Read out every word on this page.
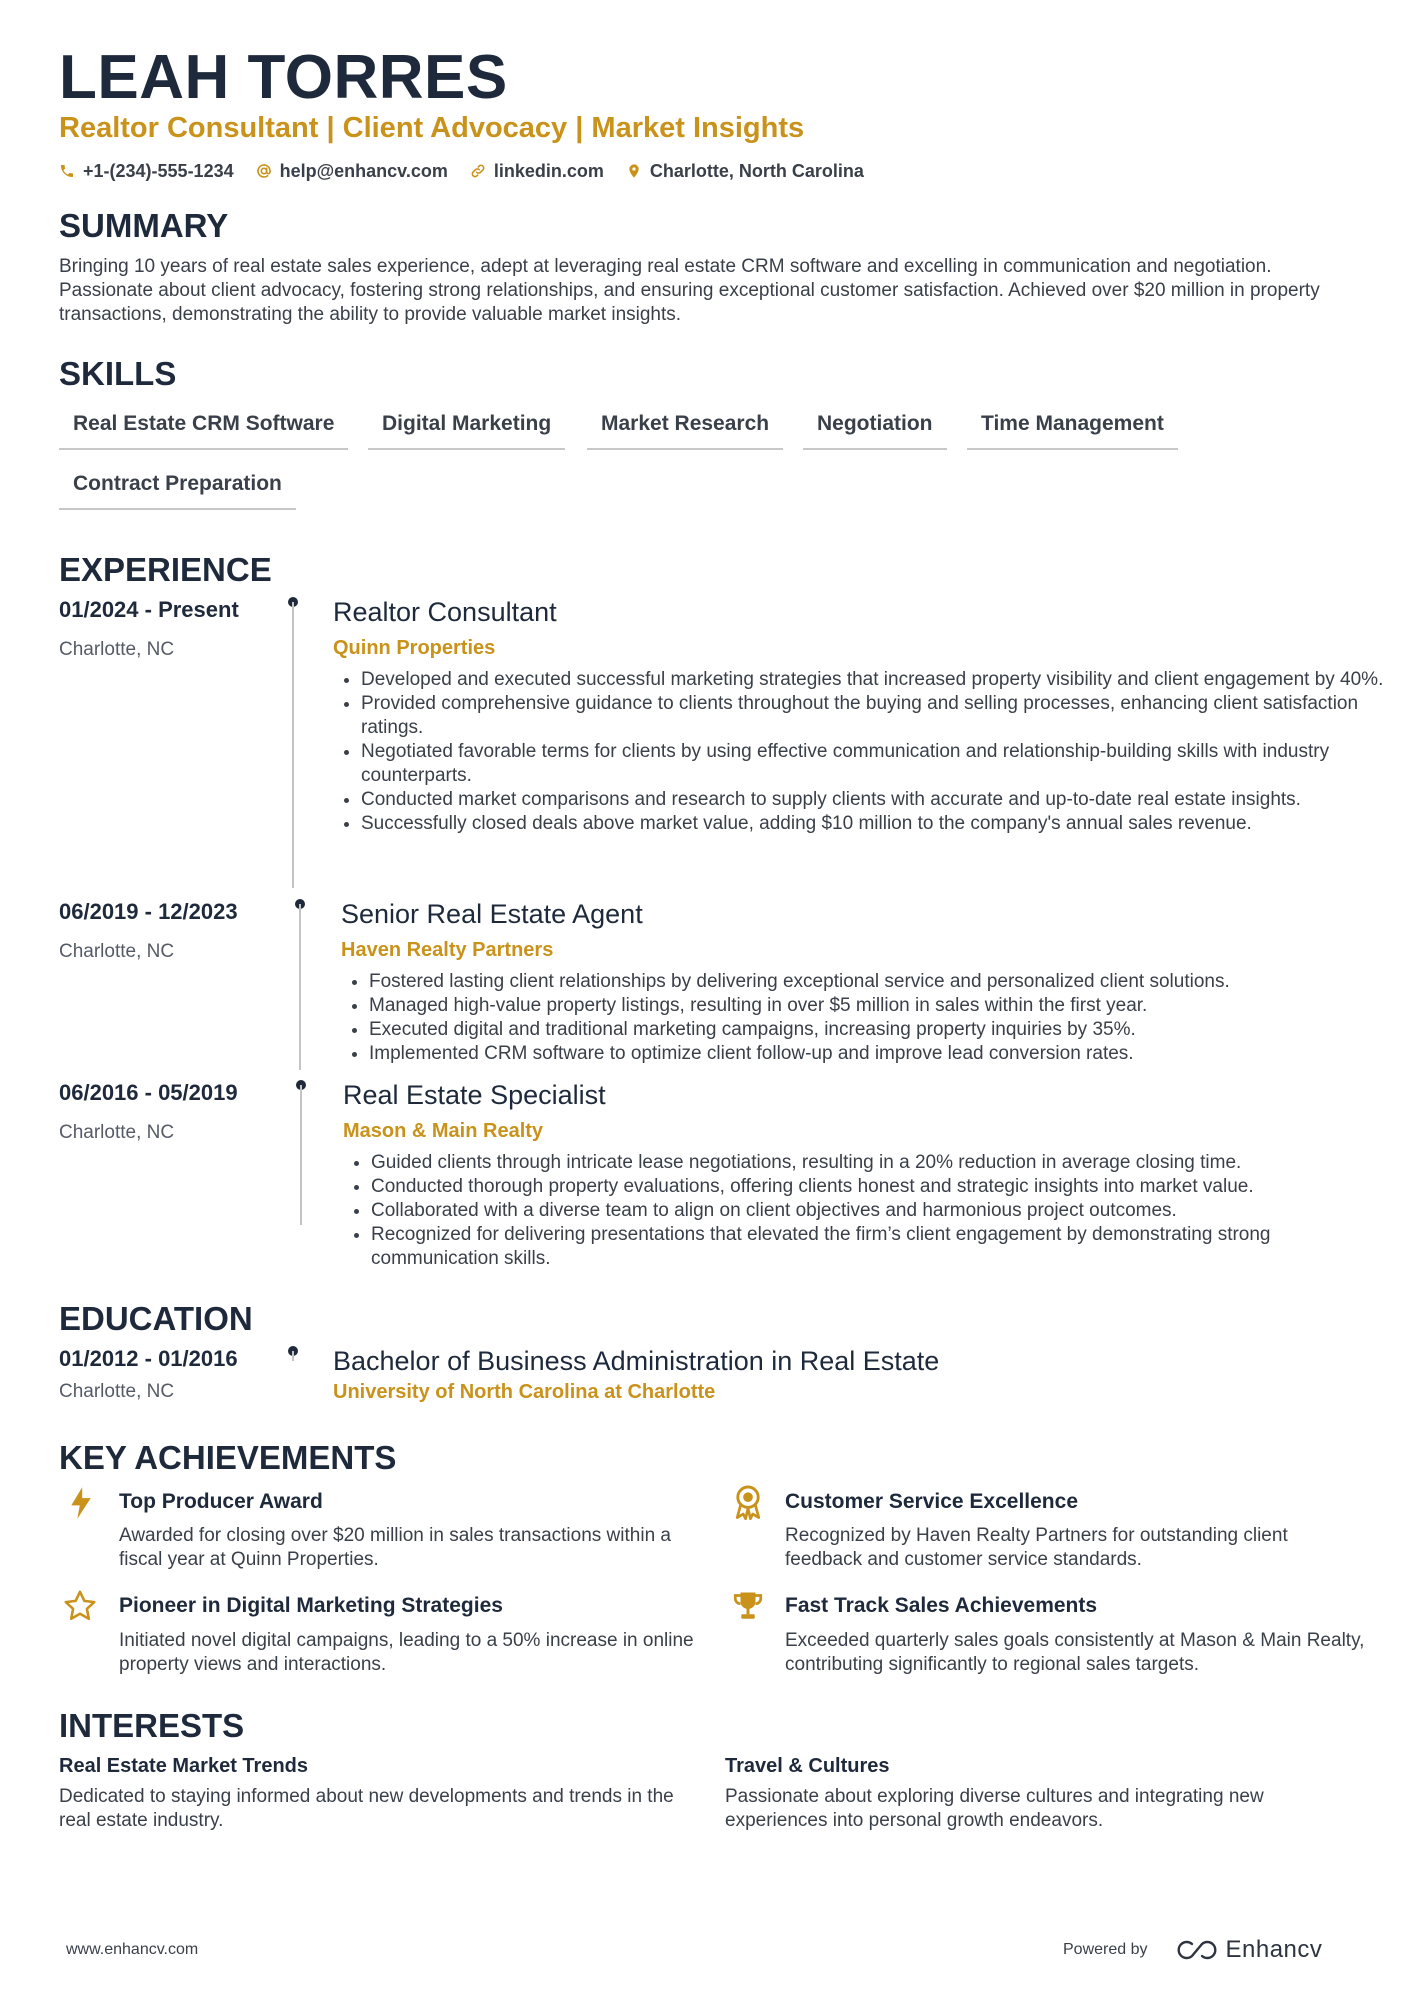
LEAH TORRES
Realtor Consultant | Client Advocacy | Market Insights
+1-(234)-555-1234	help@enhancv.com	linkedin.com	Charlotte, North Carolina
SUMMARY
Bringing 10 years of real estate sales experience, adept at leveraging real estate CRM software and excelling in communication and negotiation. Passionate about client advocacy, fostering strong relationships, and ensuring exceptional customer satisfaction. Achieved over $20 million in property transactions, demonstrating the ability to provide valuable market insights.
SKILLS
Real Estate CRM Software	Digital Marketing	Market Research	Negotiation	Time Management
Contract Preparation
EXPERIENCE
01/2024 - Present
Charlotte, NC
Realtor Consultant
Quinn Properties
• Developed and executed successful marketing strategies that increased property visibility and client engagement by 40%.
• Provided comprehensive guidance to clients throughout the buying and selling processes, enhancing client satisfaction ratings.
• Negotiated favorable terms for clients by using effective communication and relationship-building skills with industry counterparts.
• Conducted market comparisons and research to supply clients with accurate and up-to-date real estate insights.
• Successfully closed deals above market value, adding $10 million to the company's annual sales revenue.
06/2019 - 12/2023
Charlotte, NC
Senior Real Estate Agent
Haven Realty Partners
• Fostered lasting client relationships by delivering exceptional service and personalized client solutions.
• Managed high-value property listings, resulting in over $5 million in sales within the first year.
• Executed digital and traditional marketing campaigns, increasing property inquiries by 35%.
• Implemented CRM software to optimize client follow-up and improve lead conversion rates.
06/2016 - 05/2019
Charlotte, NC
Real Estate Specialist
Mason & Main Realty
• Guided clients through intricate lease negotiations, resulting in a 20% reduction in average closing time.
• Conducted thorough property evaluations, offering clients honest and strategic insights into market value.
• Collaborated with a diverse team to align on client objectives and harmonious project outcomes.
• Recognized for delivering presentations that elevated the firm’s client engagement by demonstrating strong communication skills.
EDUCATION
01/2012 - 01/2016
Charlotte, NC
Bachelor of Business Administration in Real Estate
University of North Carolina at Charlotte
KEY ACHIEVEMENTS
Top Producer Award
Awarded for closing over $20 million in sales transactions within a fiscal year at Quinn Properties.
Customer Service Excellence
Recognized by Haven Realty Partners for outstanding client feedback and customer service standards.
Pioneer in Digital Marketing Strategies
Initiated novel digital campaigns, leading to a 50% increase in online property views and interactions.
Fast Track Sales Achievements
Exceeded quarterly sales goals consistently at Mason & Main Realty, contributing significantly to regional sales targets.
INTERESTS
Real Estate Market Trends
Dedicated to staying informed about new developments and trends in the real estate industry.
Travel & Cultures
Passionate about exploring diverse cultures and integrating new experiences into personal growth endeavors.
www.enhancv.com	Powered by	Enhancv
